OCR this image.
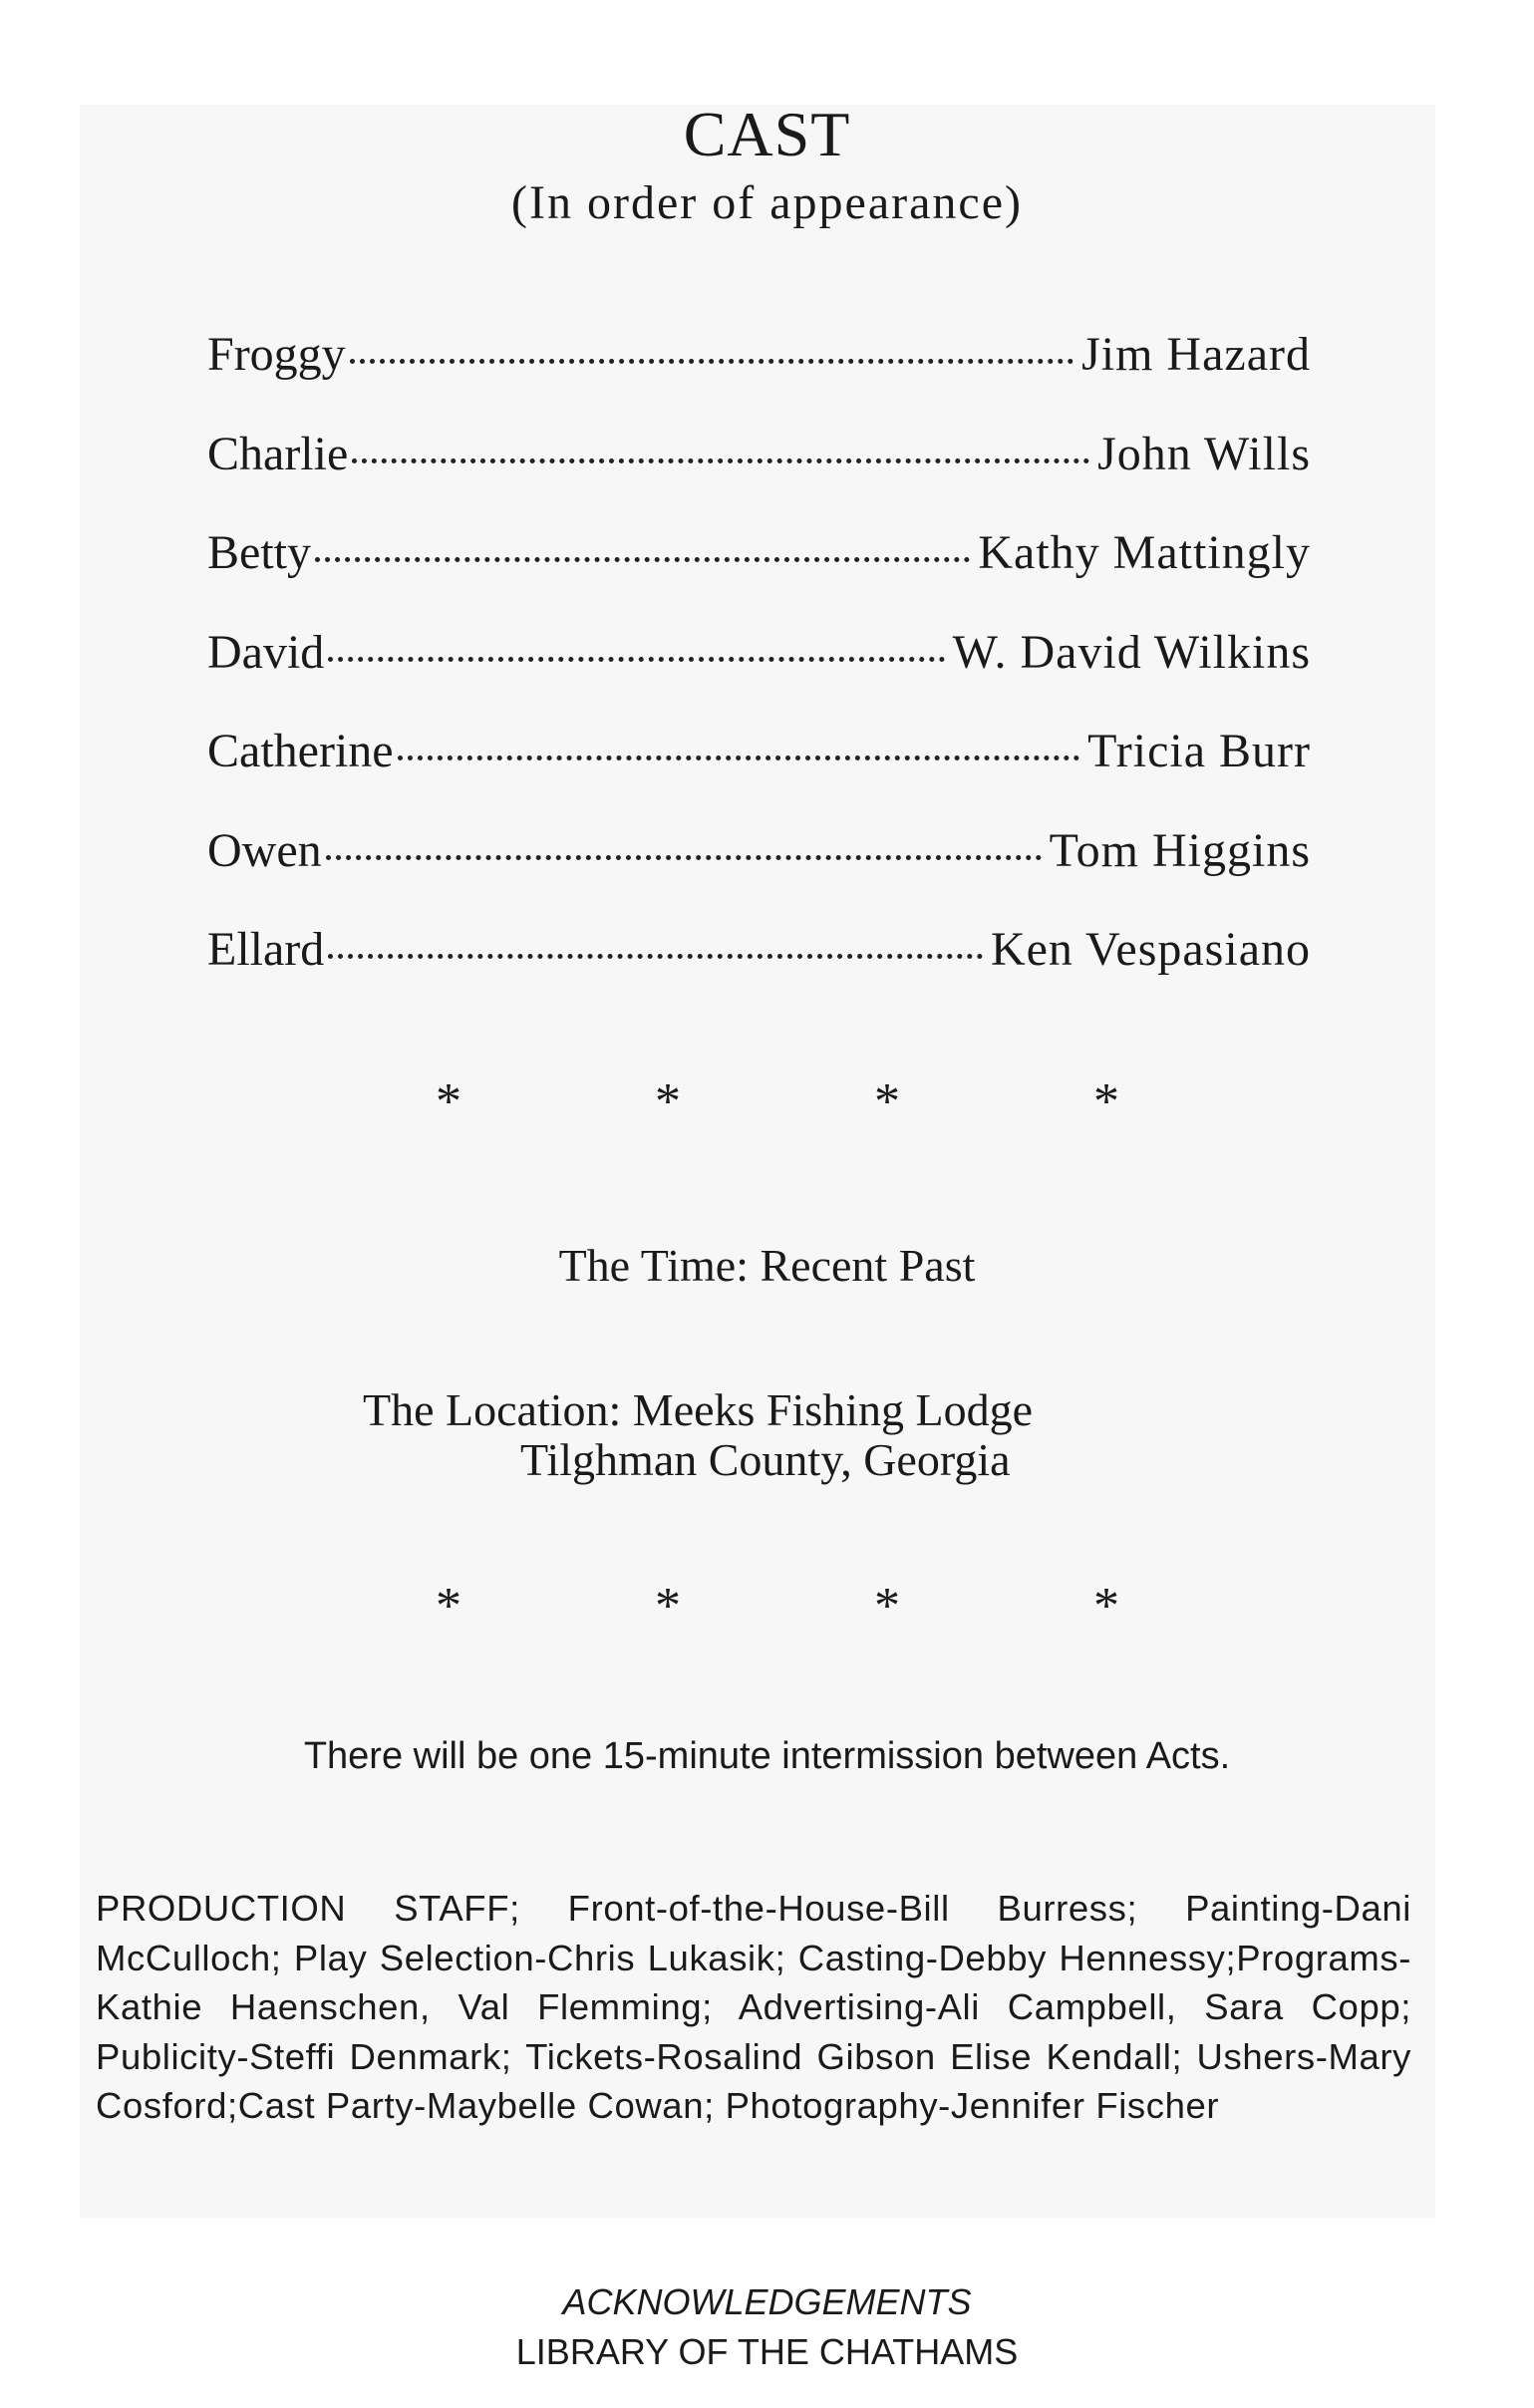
CAST
(In order of appearance)
Froggy	Jim Hazard
Charlie	John Wills
Betty	Kathy Mattingly
David	W. David Wilkins
Catherine	Tricia Burr
Owen	Tom Higgins
Ellard	Ken Vespasiano
*	*	*	*
The Time: Recent Past
The Location: Meeks Fishing Lodge
Tilghman County, Georgia
*	*	*	*
There will be one 15-minute intermission between Acts.
PRODUCTION STAFF; Front-of-the-House-Bill Burress; Painting-Dani McCulloch; Play Selection-Chris Lukasik; Casting-Debby Hennessy;Programs-Kathie Haenschen, Val Flemming; Advertising-Ali Campbell, Sara Copp; Publicity-Steffi Denmark; Tickets-Rosalind Gibson Elise Kendall; Ushers-Mary Cosford;Cast Party-Maybelle Cowan; Photography-Jennifer Fischer
ACKNOWLEDGEMENTS
LIBRARY OF THE CHATHAMS
